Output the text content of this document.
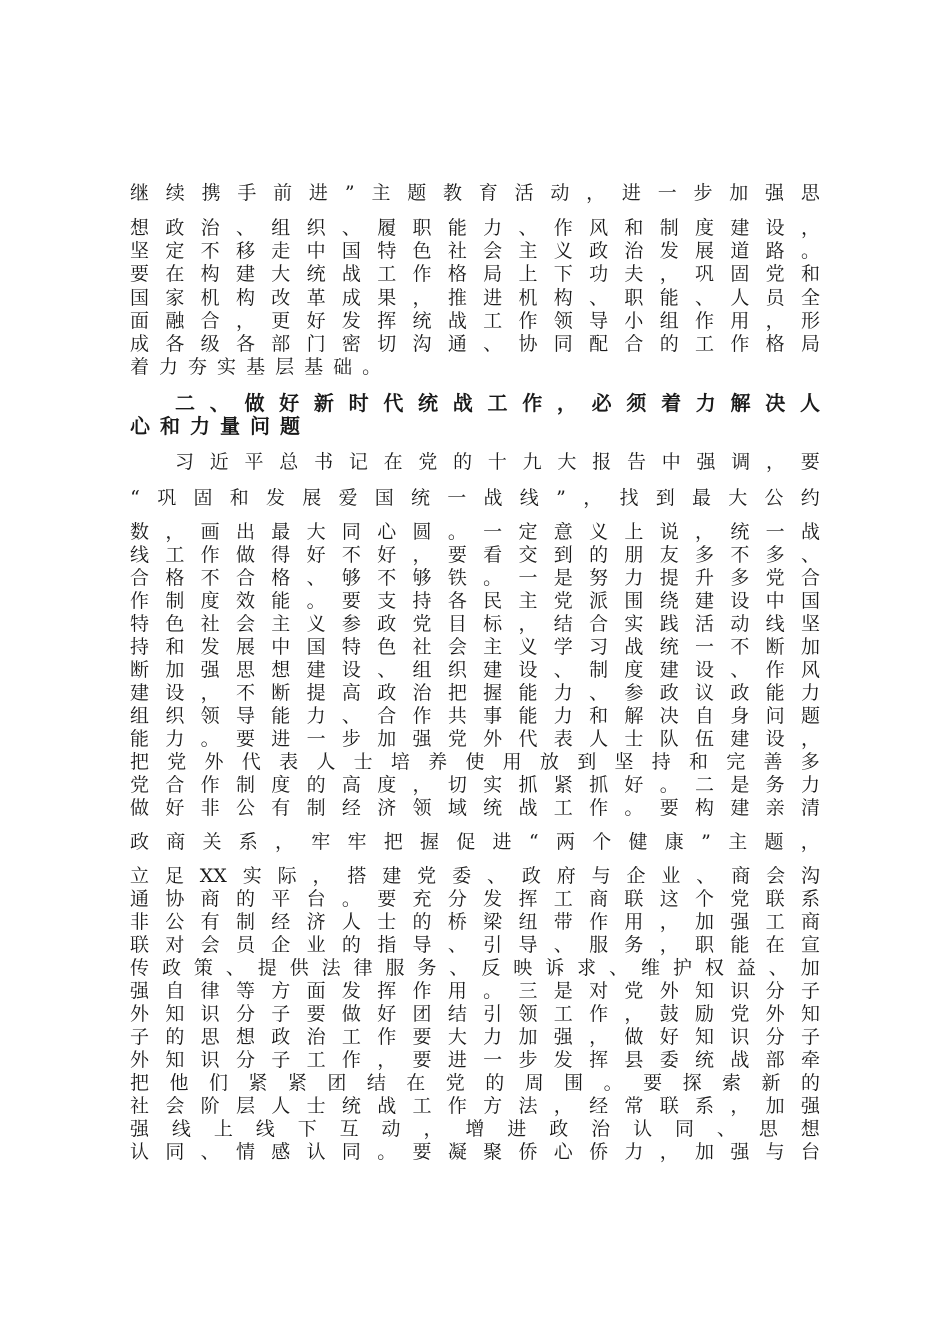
继 续 携 手 前 进 ” 主 题 教 育 活 动 ， 进 一 步 加 强 思
想 政 治 、 组 织 、 履 职 能 力 、 作 风 和 制 度 建 设 ，
坚 定 不 移 走 中 国 特 色 社 会 主 义 政 治 发 展 道 路 。
要 在 构 建 大 统 战 工 作 格 局 上 下 功 夫 ， 巩 固 党 和
国 家 机 构 改 革 成 果 ， 推 进 机 构 、 职 能 、 人 员 全
面 融 合 ， 更 好 发 挥 统 战 工 作 领 导 小 组 作 用 ， 形
成 各 级 各 部 门 密 切 沟 通 、 协 同 配 合 的 工 作 格 局
着 力 夯 实 基 层 基 础 。
二 、 做 好 新 时 代 统 战 工 作 ， 必 须 着 力 解 决 人
心 和 力 量 问 题
习 近 平 总 书 记 在 党 的 十 九 大 报 告 中 强 调 ， 要
“ 巩 固 和 发 展 爱 国 统 一 战 线 ” ， 找 到 最 大 公 约
数 ， 画 出 最 大 同 心 圆 。 一 定 意 义 上 说 ， 统 一 战
线 工 作 做 得 好 不 好 ， 要 看 交 到 的 朋 友 多 不 多 、
合 格 不 合 格 、 够 不 够 铁 。 一 是 努 力 提 升 多 党 合
作 制 度 效 能 。 要 支 持 各 民 主 党 派 围 绕 建 设 中 国
特 色 社 会 主 义 参 政 党 目 标 ， 结 合 实 践 活 动 线 坚
持 和 发 展 中 国 特 色 社 会 主 义 学 习 战 统 一 不 断 加
断 加 强 思 想 建 设 、 组 织 建 设 、 制 度 建 设 、 作 风
建 设 ， 不 断 提 高 政 治 把 握 能 力 、 参 政 议 政 能 力
组 织 领 导 能 力 、 合 作 共 事 能 力 和 解 决 自 身 问 题
能 力 。 要 进 一 步 加 强 党 外 代 表 人 士 队 伍 建 设 ，
把 党 外 代 表 人 士 培 养 使 用 放 到 坚 持 和 完 善 多
党 合 作 制 度 的 高 度 ， 切 实 抓 紧 抓 好 。 二 是 务 力
做 好 非 公 有 制 经 济 领 域 统 战 工 作 。 要 构 建 亲 清
政 商 关 系 ， 牢 牢 把 握 促 进 “ 两 个 健 康 ” 主 题 ，
立 足 XX 实 际 ， 搭 建 党 委 、 政 府 与 企 业 、 商 会 沟
通 协 商 的 平 台 。 要 充 分 发 挥 工 商 联 这 个 党 联 系
非 公 有 制 经 济 人 士 的 桥 梁 纽 带 作 用 ， 加 强 工 商
联 对 会 员 企 业 的 指 导 、 引 导 、 服 务 ， 职 能 在 宣
传 政 策 、 提 供 法 律 服 务 、 反 映 诉 求 、 维 护 权 益 、 加
强 自 律 等 方 面 发 挥 作 用 。 三 是 对 党 外 知 识 分 子
外 知 识 分 子 要 做 好 团 结 引 领 工 作 ， 鼓 励 党 外 知
子 的 思 想 政 治 工 作 要 大 力 加 强 ， 做 好 知 识 分 子
外 知 识 分 子 工 作 ， 要 进 一 步 发 挥 县 委 统 战 部 牵
把 他 们 紧 紧 团 结 在 党 的 周 围 。 要 探 索 新 的
社 会 阶 层 人 士 统 战 工 作 方 法 ， 经 常 联 系 ， 加 强
强 线 上 线 下 互 动 ， 增 进 政 治 认 同 、 思 想
认 同 、 情 感 认 同 。 要 凝 聚 侨 心 侨 力 ， 加 强 与 台
